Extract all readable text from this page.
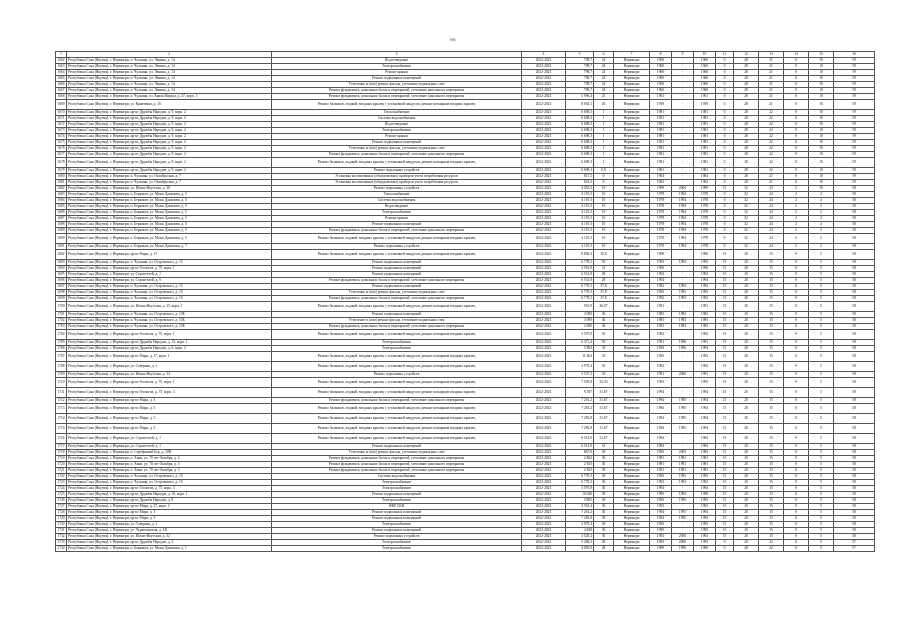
166
1	2	3	4	5	6	7	8	9	10	11	12	13	14	15	16
1662	Республика Саха (Якутия), г. Нерюнгри, п. Чульман, ул. Ленина, д. 14	Водоотведение	2022-2023	798,7	24	Нерюнгри	1960	-	1960	0	28	21	0	10	59
1663	Республика Саха (Якутия), г. Нерюнгри, п. Чульман, ул. Ленина, д. 14	Электроснабжение	2022-2023	798,7	24	Нерюнгри	1960	-	1960	0	28	21	0	10	59
1664	Республика Саха (Якутия), г. Нерюнгри, п. Чульман, ул. Ленина, д. 14	Ремонт крыши	2022-2023	798,7	24	Нерюнгри	1960	-	1960	0	28	21	0	10	59
1665	Республика Саха (Якутия), г. Нерюнгри, п. Чульман, ул. Ленина, д. 14	Ремонт подвальных помещений	2022-2023	798,7	24	Нерюнгри	1960	-	1960	0	28	21	0	10	59
1666	Республика Саха (Якутия), г. Нерюнгри, п. Чульман, ул. Ленина, д. 14	Утепление и (или) ремонт фасада, утепление подвальных стен	2022-2023	798,7	24	Нерюнгри	1960	-	1960	0	28	21	0	10	59
1667	Республика Саха (Якутия), г. Нерюнгри, п. Чульман, ул. Ленина, д. 14	Ремонт фундамента, цокольных балок и перекрытий, утепление напольного перекрытия	2022-2023	798,7	24	Нерюнгри	1960	-	1960	0	28	21	0	10	59
1668	Республика Саха (Якутия), г. Нерюнгри, п. Чульман, ул. Карла Маркса, д. 27, корп. 1	Ремонт фундамента, цокольных балок и перекрытий, утепление цокольного перекрытия	2022-2023	5 996,4	25	Нерюнгри	1961	-	1961	0	28	21	0	10	59
1669	Республика Саха (Якутия), г. Нерюнгри, ул. Кравченко, д. 16	Ремонт балконов, лоджий, входных крылец с установкой пандусов, ремонт козырьков входных крылец	2022-2023	8 654,1	26	Нерюнгри	1959	-	1959	0	28	21	0	10	59
1670	Республика Саха (Якутия), г. Нерюнгри, пр-кт Дружбы Народов, д. 9, корп. 2	Теплоснабжение	2022-2023	6 698,3	1	Нерюнгри	1981	-	1981	0	28	22	0	10	59
1671	Республика Саха (Якутия), г. Нерюнгри, пр-кт Дружбы Народов, д. 9, корп. 2	Система водоснабжения	2022-2023	6 698,3	1	Нерюнгри	1981	-	1981	0	28	22	0	10	59
1672	Республика Саха (Якутия), г. Нерюнгри, пр-кт Дружбы Народов, д. 9, корп. 2	Водоотведение	2022-2023	6 698,3	1	Нерюнгри	1981	-	1981	0	28	22	0	10	59
1673	Республика Саха (Якутия), г. Нерюнгри, пр-кт Дружбы Народов, д. 9, корп. 2	Электроснабжение	2022-2023	6 698,3	1	Нерюнгри	1981	-	1981	0	28	22	0	10	59
1674	Республика Саха (Якутия), г. Нерюнгри, пр-кт Дружбы Народов, д. 9, корп. 2	Ремонт крыши	2022-2023	6 698,3	1	Нерюнгри	1981	-	1981	0	28	22	0	10	59
1675	Республика Саха (Якутия), г. Нерюнгри, пр-кт Дружбы Народов, д. 9, корп. 2	Ремонт подвальных помещений	2022-2023	6 698,3	1	Нерюнгри	1981	-	1981	0	28	22	0	10	59
1676	Республика Саха (Якутия), г. Нерюнгри, пр-кт Дружбы Народов, д. 9, корп. 2	Утепление и (или) ремонт фасада, утепление подвальных стен	2022-2023	6 698,3	1	Нерюнгри	1981	-	1981	0	28	22	0	10	59
1677	Республика Саха (Якутия), г. Нерюнгри, пр-кт Дружбы Народов, д. 9, корп. 2	Ремонт фундамента, цокольных балок и перекрытий, утепление цокольного перекрытия	2022-2023	6 698,3	1	Нерюнгри	1981	-	1981	0	28	22	0	10	59
1678	Республика Саха (Якутия), г. Нерюнгри, пр-кт Дружбы Народов, д. 9, корп. 2	Ремонт балконов, лоджий, входных крылец с установкой пандусов, ремонт козырьков входных крылец	2022-2023	6 698,3	1	Нерюнгри	1981	-	1981	0	28	22	0	10	59
1679	Республика Саха (Якутия), г. Нерюнгри, пр-кт Дружбы Народов, д. 9, корп. 2	Ремонт подъемных устройств	2022-2023	6 698,3	0,8	Нерюнгри	1981	-	1981	0	28	22	0	10	59
1680	Республика Саха (Якутия), г. Нерюнгри, п. Чульман, ул. Октябрьская, д. 7	Установка коллективных (общедомовых) приборов учета потребления ресурсов	2022-2023	817,2	0	Нерюнгри	1964	-	1964	0	28	21	0	10	59
1681	Республика Саха (Якутия), г. Нерюнгри, п. Чульман, ул. Октябрьская, д. 7	Установка коллективных (общедомовых) приборов учета потребления ресурсов	2022-2023	824,3	0	Нерюнгри	1963	-	1963	0	28	21	0	10	59
1682	Республика Саха (Якутия), г. Нерюнгри, ул. Южно-Якутская, д. 38	Ремонт подъемных устройств	2022-2023	4 053,3	10	Нерюнгри	1999	2004	1999	15	32	23	2	10	58
1683	Республика Саха (Якутия), г. Нерюнгри, п. Беркакит, ул. Мохы Данилова, д. 5	Теплоснабжение	2022-2023	4 119,3	10	Нерюнгри	1978	1994	1978	0	32	24	2	2	58
1684	Республика Саха (Якутия), г. Нерюнгри, п. Беркакит, ул. Мохы Данилова, д. 5	Система водоснабжения	2022-2023	4 119,3	10	Нерюнгри	1978	1994	1978	0	32	24	2	2	58
1685	Республика Саха (Якутия), г. Нерюнгри, п. Беркакит, ул. Мохы Данилова, д. 5	Водоотведение	2022-2023	4 119,3	10	Нерюнгри	1978	1994	1978	0	32	24	2	2	58
1686	Республика Саха (Якутия), г. Нерюнгри, п. Беркакит, ул. Мохы Данилова, д. 5	Электроснабжение	2022-2023	4 119,3	10	Нерюнгри	1978	1994	1978	0	32	24	2	2	58
1687	Республика Саха (Якутия), г. Нерюнгри, п. Беркакит, ул. Мохы Данилова, д. 5	Ремонт крыши	2022-2023	4 119,3	10	Нерюнгри	1978	1994	1978	0	32	24	2	2	58
1688	Республика Саха (Якутия), г. Нерюнгри, п. Беркакит, ул. Мохы Данилова, д. 5	Ремонт подвальных помещений	2022-2023	4 119,3	10	Нерюнгри	1978	1994	1978	0	32	24	2	2	58
1689	Республика Саха (Якутия), г. Нерюнгри, п. Беркакит, ул. Мохы Данилова, д. 5	Ремонт фундамента, цокольных балок и перекрытий, утепление цокольного перекрытия	2022-2023	4 119,3	10	Нерюнгри	1978	1994	1978	0	32	24	2	2	58
1690	Республика Саха (Якутия), г. Нерюнгри, п. Беркакит, ул. Мохы Данилова, д. 5	Ремонт балконов, лоджий, входных крылец с установкой пандусов, ремонт козырьков входных крылец	2022-2023	4 119,3	10	Нерюнгри	1978	1994	1978	0	32	24	2	2	58
1691	Республика Саха (Якутия), г. Нерюнгри, п. Беркакит, ул. Мохы Данилова, д. 7	Ремонт подъемных устройств	2022-2023	4 119,3	10	Нерюнгри	1978	1994	1978	0	32	24	2	2	58
1692	Республика Саха (Якутия), г. Нерюнгри, пр-кт Мира, д. 17	Ремонт балконов, лоджий, входных крылец с установкой пандусов, ремонт козырьков входных крылец	2022-2023	8 856,3	30,0	Нерюнгри	1990	-	1990	15	20	15	0	5	58
1693	Республика Саха (Якутия), г. Нерюнгри, п. Чульман, ул. Островского, д. 15	Ремонт подвальных помещений	2022-2023	6 778,3	35	Нерюнгри	1993	1993	1993	15	20	15	0	5	58
1694	Республика Саха (Якутия), г. Нерюнгри, пр-кт Геологов, д. 75, корп. 1	Ремонт подвальных помещений	2022-2023	3 591,8	31	Нерюнгри	1996	-	1996	15	20	15	0	5	58
1695	Республика Саха (Якутия), г. Нерюнгри, ул. Строителей, д. 1	Ремонт подвальных помещений	2022-2023	6 514,9	28	Нерюнгри	1994	-	1994	15	20	15	0	5	58
1696	Республика Саха (Якутия), г. Нерюнгри, ул. Строителей, д. 5	Ремонт фундамента, цокольных балок и перекрытий, утепление цокольного перекрытия	2022-2023	6 531,8	28	Нерюнгри	1994	-	1994	15	20	15	0	5	58
1697	Республика Саха (Якутия), г. Нерюнгри, п. Чульман, ул. Островского, д. 15	Ремонт подвальных помещений	2022-2023	6 778,3	37,8	Нерюнгри	1992	1993	1992	15	20	15	0	5	58
1698	Республика Саха (Якутия), г. Нерюнгри, п. Чульман, ул. Островского, д. 15	Утепление и (или) ремонт фасада, утепление подвальных стен	2022-2023	6 778,3	37,8	Нерюнгри	1992	1993	1992	15	20	15	0	5	58
1699	Республика Саха (Якутия), г. Нерюнгри, п. Чульман, ул. Островского, д. 15	Ремонт фундамента, цокольных балок и перекрытий, утепление цокольного перекрытия	2022-2023	6 778,3	37,8	Нерюнгри	1992	1993	1992	15	20	15	0	5	58
1700	Республика Саха (Якутия), г. Нерюнгри, ул. Южно-Якутская, д. 25, корп. 1	Ремонт балконов, лоджий, входных крылец с установкой пандусов, ремонт козырьков входных крылец	2022-2023	901,9	36,07	Нерюнгри	1991	-	1991	15	20	15	0	5	58
1701	Республика Саха (Якутия), г. Нерюнгри, п. Чульман, ул. Островского, д. 10Б	Ремонт подвальных помещений	2022-2023	3 090	36	Нерюнгри	1983	1983	1983	15	20	15	0	5	58
1702	Республика Саха (Якутия), г. Нерюнгри, п. Чульман, ул. Островского, д. 10Б	Утепление и (или) ремонт фасада, утепление подвальных стен	2022-2023	3 090	36	Нерюнгри	1983	1983	1983	15	20	15	0	5	58
1703	Республика Саха (Якутия), г. Нерюнгри, п. Чульман, ул. Островского, д. 10Б	Ремонт фундамента, цокольных балок и перекрытий, утепление цокольного перекрытия	2022-2023	3 090	36	Нерюнгри	1983	1983	1983	15	20	15	0	5	58
1704	Республика Саха (Якутия), г. Нерюнгри, пр-кт Геологов, д. 75, корп. 1	Ремонт балконов, лоджий, входных крылец с установкой пандусов, ремонт козырьков входных крылец	2022-2023	3 597,8	35	Нерюнгри	1992	-	1992	15	20	15	0	5	58
1705	Республика Саха (Якутия), г. Нерюнгри, пр-кт Дружбы Народов, д. 12, корп. 1	Электроснабжение	2022-2023	6 371,4	35	Нерюнгри	1991	1996	1991	15	20	15	0	5	58
1706	Республика Саха (Якутия), г. Нерюнгри, пр-кт Дружбы Народов, д. 6, корп. 2	Электроснабжение	2022-2023	5 884	35	Нерюнгри	1994	1996	1994	15	20	15	0	5	58
1707	Республика Саха (Якутия), г. Нерюнгри, пр-кт Мира, д. 17, корп. 1	Ремонт балконов, лоджий, входных крылец с установкой пандусов, ремонт козырьков входных крылец	2022-2023	11 663	35	Нерюнгри	1992	-	1992	15	20	15	0	5	58
1708	Республика Саха (Якутия), г. Нерюнгри, ул. Северная, д. 1	Ремонт балконов, лоджий, входных крылец с установкой пандусов, ремонт козырьков входных крылец	2022-2023	2 979,4	35	Нерюнгри	1992	-	1992	15	20	15	0	5	58
1709	Республика Саха (Якутия), г. Нерюнгри, ул. Южно-Якутская, д. 34	Ремонт подъемных устройств	2022-2023	3 537,2	33	Нерюнгри	1991	2006	1991	15	20	15	0	5	58
1710	Республика Саха (Якутия), г. Нерюнгри, пр-кт Геологов, д. 75, корп. 1	Ремонт балконов, лоджий, входных крылец с установкой пандусов, ремонт козырьков входных крылец	2022-2023	7 593,8	33,33	Нерюнгри	1993	-	1993	15	20	15	0	5	58
1711	Республика Саха (Якутия), г. Нерюнгри, пр-кт Геологов, д. 75, корп. 3	Ремонт балконов, лоджий, входных крылец с установкой пандусов, ремонт козырьков входных крылец	2022-2023	9 587	31,67	Нерюнгри	1994	-	1994	15	20	15	0	5	58
1712	Республика Саха (Якутия), г. Нерюнгри, пр-кт Мира, д. 3	Ремонт фундамента, цокольных балок и перекрытий, утепление цокольного перекрытия	2022-2023	7 261,2	31,67	Нерюнгри	1994	1995	1994	15	20	15	0	5	58
1713	Республика Саха (Якутия), г. Нерюнгри, пр-кт Мира, д. 5	Ремонт балконов, лоджий, входных крылец с установкой пандусов, ремонт козырьков входных крылец	2022-2023	7 261,2	31,67	Нерюнгри	1994	1995	1994	15	20	15	0	5	58
1714	Республика Саха (Якутия), г. Нерюнгри, пр-кт Мира, д. 5	Ремонт балконов, лоджий, входных крылец с установкой пандусов, ремонт козырьков входных крылец	2022-2023	7 283,8	31,67	Нерюнгри	1994	1995	1994	15	20	15	0	5	58
1715	Республика Саха (Якутия), г. Нерюнгри, пр-кт Мира, д. 5	Ремонт балконов, лоджий, входных крылец с установкой пандусов, ремонт козырьков входных крылец	2022-2023	7 283,8	31,67	Нерюнгри	1994	1995	1994	15	20	15	0	5	58
1716	Республика Саха (Якутия), г. Нерюнгри, ул. Строителей, д. 1	Ремонт балконов, лоджий, входных крылец с установкой пандусов, ремонт козырьков входных крылец	2022-2023	6 514,9	31,67	Нерюнгри	1994	-	1994	15	20	15	0	5	58
1717	Республика Саха (Якутия), г. Нерюнгри, ул. Строителей, д. 1	Ремонт подвальных помещений	2022-2023	6 514,9	31	Нерюнгри	1994	-	1994	15	20	15	0	5	58
1718	Республика Саха (Якутия), г. Нерюнгри, п. Серебряный Бор, д. 20В	Утепление и (или) ремонт фасада, утепление подвальных стен	2022-2023	867,9	30	Нерюнгри	1983	2003	1983	15	20	15	0	5	58
1719	Республика Саха (Якутия), г. Нерюнгри, п. Хани, ул. 70 лет Октября, д. 4	Ремонт фундамента, цокольных балок и перекрытий, утепление цокольного перекрытия	2022-2023	2 862	30	Нерюнгри	1981	1981	1981	15	20	15	0	5	58
1720	Республика Саха (Якутия), г. Нерюнгри, п. Хани, ул. 70 лет Октября, д. 5	Ремонт фундамента, цокольных балок и перекрытий, утепление цокольного перекрытия	2022-2023	2 835	30	Нерюнгри	1981	1981	1981	15	20	15	0	5	58
1721	Республика Саха (Якутия), г. Нерюнгри, п. Хани, ул. 70 лет Октября, д. 3	Ремонт фундамента, цокольных балок и перекрытий, утепление цокольного перекрытия	2022-2023	2 825	30	Нерюнгри	1981	1981	1981	15	20	15	0	5	58
1722	Республика Саха (Якутия), г. Нерюнгри, п. Чульман, ул. Островского, д. 15	Система водоснабжения	2022-2023	6 778,3	30	Нерюнгри	1992	1993	1992	15	20	15	0	5	58
1723	Республика Саха (Якутия), г. Нерюнгри, п. Чульман, ул. Островского, д. 15	Электроснабжение	2022-2023	6 778,3	30	Нерюнгри	1992	1993	1992	15	20	15	0	5	58
1724	Республика Саха (Якутия), г. Нерюнгри, пр-кт Геологов, д. 75, корп. 3	Электроснабжение	2022-2023	3 597,8	30	Нерюнгри	1994	-	1994	15	20	15	0	5	58
1725	Республика Саха (Якутия), г. Нерюнгри, пр-кт Дружбы Народов, д. 16, корп. 1	Ремонт подвальных помещений	2022-2023	10 040	30	Нерюнгри	1990	1993	1990	15	20	15	0	5	58
1726	Республика Саха (Якутия), г. Нерюнгри, пр-кт Дружбы Народов, д. 8	Электроснабжение	2022-2023	3 865	30	Нерюнгри	1992	1995	1992	15	20	15	0	5	58
1727	Республика Саха (Якутия), г. Нерюнгри, пр-кт Мира, д. 27, корп. 2	ФКР СКИ	2022-2023	4 501,4	30	Нерюнгри	1993	-	1993	15	20	15	0	5	58
1728	Республика Саха (Якутия), г. Нерюнгри, пр-кт Мира, д. 3	Ремонт подвальных помещений	2022-2023	7 261,2	30	Нерюнгри	1994	1995	1994	15	20	15	0	5	58
1729	Республика Саха (Якутия), г. Нерюнгри, пр-кт Мира, д. 5	Ремонт подвальных помещений	2022-2023	7 283,8	30	Нерюнгри	1994	1995	1994	15	20	15	0	5	58
1730	Республика Саха (Якутия), г. Нерюнгри, ул. Северная, д. 1	Электроснабжение	2022-2023	2 979,4	30	Нерюнгри	1992	-	1992	15	20	15	0	5	58
1731	Республика Саха (Якутия), г. Нерюнгри, ул. Чурапчинская, д. 1В	Ремонт подвальных помещений	2022-2023	4 828	30	Нерюнгри	1990	-	1990	15	20	15	0	5	58
1732	Республика Саха (Якутия), г. Нерюнгри, ул. Южно-Якутская, д. 32	Ремонт подъемных устройств	2022-2023	3 529,2	30	Нерюнгри	1992	2006	1992	15	20	15	0	5	58
1733	Республика Саха (Якутия), г. Нерюнгри, пр-кт Дружбы Народов, д. 3	Электроснабжение	2022-2023	5 458,3	28	Нерюнгри	1993	2006	1993	0	28	22	0	5	57
1734	Республика Саха (Якутия), г. Нерюнгри, п. Беркакит, ул. Мохы Данилова, д. 1	Электроснабжение	2022-2023	4 093,8	28	Нерюнгри	1989	1990	1989	0	28	22	0	5	57
